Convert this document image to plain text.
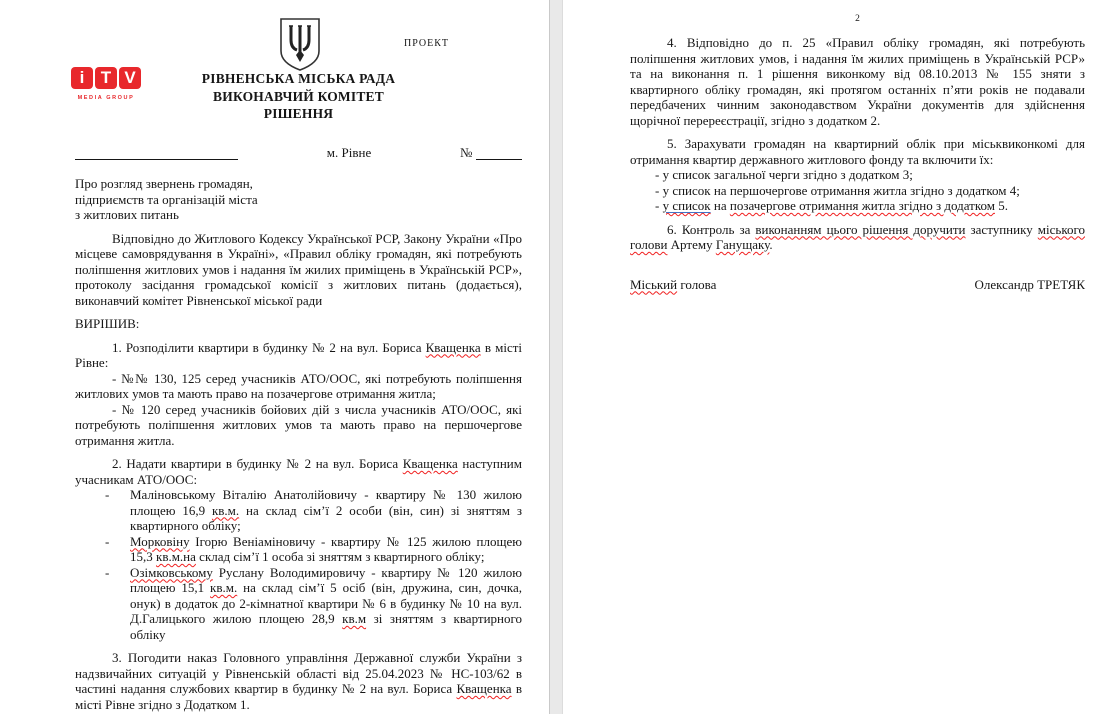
i T V
MEDIA GROUP
ПРОЕКТ
РІВНЕНСЬКА МІСЬКА РАДА
ВИКОНАВЧИЙ КОМІТЕТ
РІШЕННЯ
м. Рівне	№
Про розгляд звернень громадян,
підприємств та організацій міста
з житлових питань
Відповідно до Житлового Кодексу Української РСР, Закону України «Про місцеве самоврядування в Україні», «Правил обліку громадян, які потребують поліпшення житлових умов і надання їм жилих приміщень в Українській РСР», протоколу засідання громадської комісії з житлових питань (додається), виконавчий комітет Рівненської міської ради
ВИРІШИВ:
1. Розподілити квартири в будинку № 2 на вул. Бориса Кващенка в місті Рівне:
- №№ 130, 125 серед учасників АТО/ООС, які потребують поліпшення житлових умов та мають право на позачергове отримання житла;
- № 120 серед учасників бойових дій з числа учасників АТО/ООС, які потребують поліпшення житлових умов та мають право на першочергове отримання житла.
2. Надати квартири в будинку № 2 на вул. Бориса Кващенка наступним учасникам АТО/ООС:
-	Маліновському Віталію Анатолійовичу - квартиру № 130 жилою площею 16,9 кв.м. на склад сім’ї 2 особи (він, син) зі зняттям з квартирного обліку;
-	Морковіну Ігорю Веніаміновичу - квартиру № 125 жилою площею 15,3 кв.м.на склад сім’ї 1 особа зі зняттям з квартирного обліку;
-	Озімковському Руслану Володимировичу - квартиру № 120 жилою площею 15,1 кв.м. на склад сім’ї 5 осіб (він, дружина, син, дочка, онук) в додаток до 2-кімнатної квартири № 6 в будинку № 10 на вул. Д.Галицького жилою площею 28,9 кв.м зі зняттям з квартирного обліку
3. Погодити наказ Головного управління Державної служби України з надзвичайних ситуацій у Рівненській області від 25.04.2023 № НС-103/62 в частині надання службових квартир в будинку № 2 на вул. Бориса Кващенка в місті Рівне згідно з Додатком 1.
2
4. Відповідно до п. 25 «Правил обліку громадян, які потребують поліпшення житлових умов, і надання їм жилих приміщень в Українській РСР» та на виконання п. 1 рішення виконкому від 08.10.2013 № 155 зняти з квартирного обліку громадян, які протягом останніх п’яти років не подавали передбачених чинним законодавством України документів для здійснення щорічної перереєстрації, згідно з додатком 2.
5. Зарахувати громадян на квартирний облік при міськвиконкомі для отримання квартир державного житлового фонду та включити їх:
- у список загальної черги згідно з додатком 3;
- у список на першочергове отримання житла згідно з додатком 4;
- у список на позачергове отримання житла згідно з додатком 5.
6. Контроль за виконанням цього рішення доручити заступнику міського голови Артему Ганущаку.
Міський голова	Олександр ТРЕТЯК
